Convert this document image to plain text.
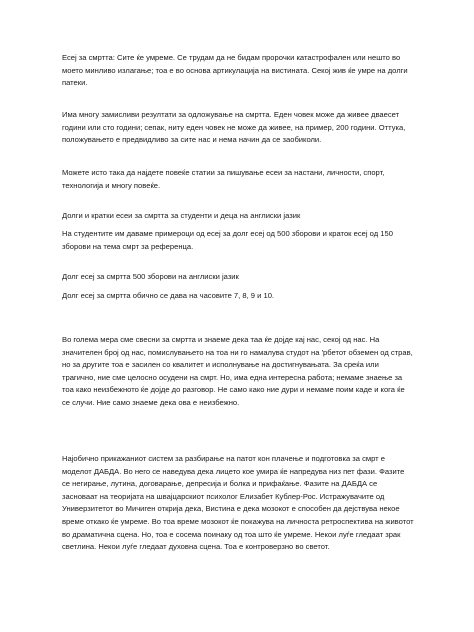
Есеј за смртта: Сите ќе умреме. Се трудам да не бидам пророчки катастрофален или нешто во моето минливо излагање; тоа е во основа артикулација на вистината. Секој жив ќе умре на долги патеки.

Има многу замисливи резултати за одложување на смртта. Еден човек може да живее дваесет години или сто години; сепак, ниту еден човек не може да живее, на пример, 200 години. Оттука, положувањето е предвидливо за сите нас и нема начин да се заобиколи.

Можете исто така да најдете повеќе статии за пишување есеи за настани, личности, спорт, технологија и многу повеќе.

Долги и кратки есеи за смртта за студенти и деца на англиски јазик

На студентите им даваме примероци од есеј за долг есеј од 500 зборови и краток есеј од 150 зборови на тема смрт за референца.

Долг есеј за смртта 500 зборови на англиски јазик

Долг есеј за смртта обично се дава на часовите 7, 8, 9 и 10.

Во голема мера сме свесни за смртта и знаеме дека таа ќе дојде кај нас, секој од нас. На значителен број од нас, помислувањето на тоа ни го намалува студот на 'рбетот обземен од страв, но за другите тоа е засилен со квалитет и исполнување на достигнувањата. За среќа или трагично, ние сме целосно осудени на смрт. Но, има една интересна работа; немаме знаење за тоа како неизбежното ќе дојде до разговор. Не само како ние дури и немаме поим каде и кога ќе се случи. Ние само знаеме дека ова е неизбежно.

Најобично прикажаниот систем за разбирање на патот кон плачење и подготовка за смрт е моделот ДАБДА. Во него се наведува дека лицето кое умира ќе напредува низ пет фази. Фазите се негирање, лутина, договарање, депресија и болка и прифаќање. Фазите на ДАБДА се засноваат на теоријата на швајцарскиот психолог Елизабет Кублер-Рос. Истражувачите од Универзитетот во Мичиген открија дека, Вистина е дека мозокот е способен да дејствува некое време откако ќе умреме. Во тоа време мозокот ќе покажува на личноста ретроспектива на животот во драматична сцена. Но, тоа е сосема поинаку од тоа што ќе умреме. Некои луѓе гледаат зрак светлина. Некои луѓе гледаат духовна сцена. Тоа е контроверзно во светот.
